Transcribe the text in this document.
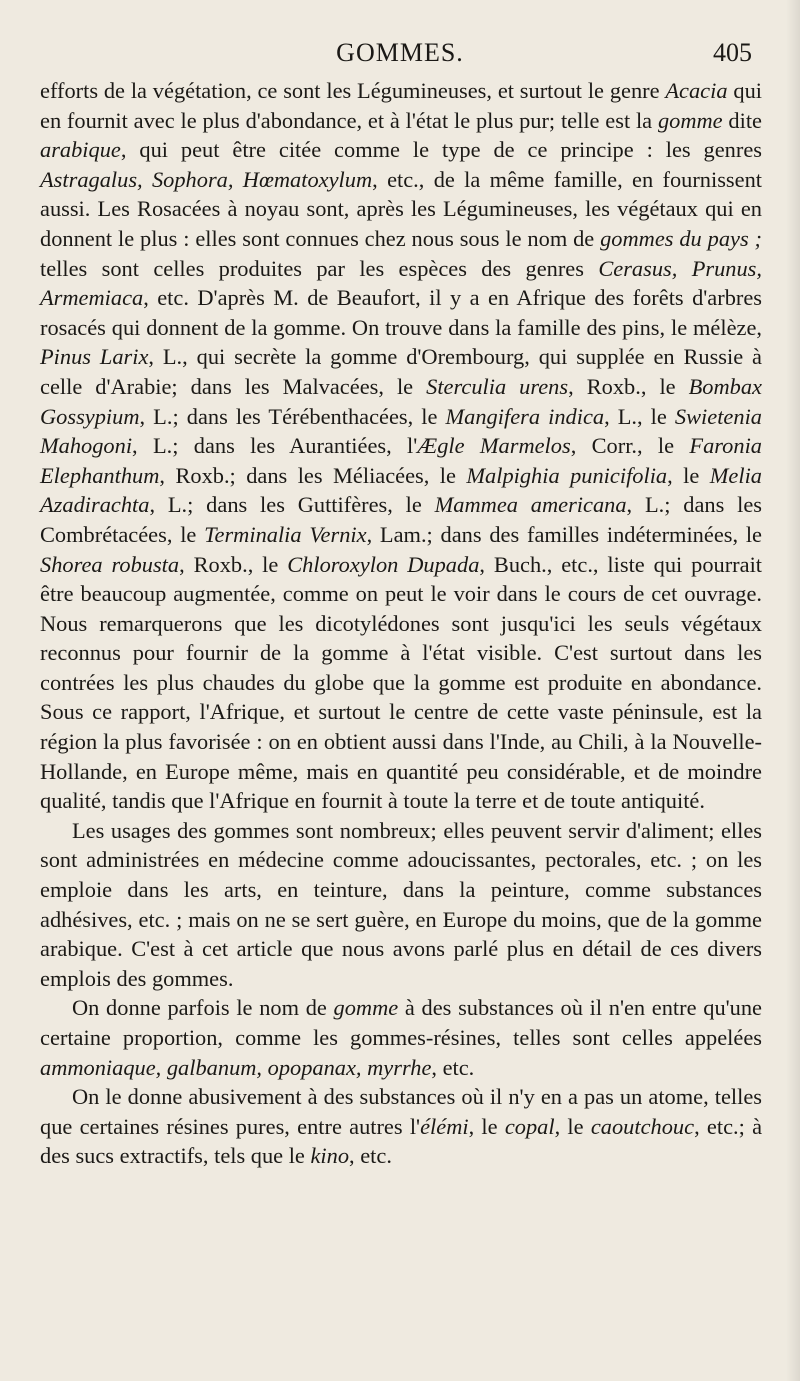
GOMMES.	405

efforts de la végétation, ce sont les Légumineuses, et surtout le genre Acacia qui en fournit avec le plus d'abondance, et à l'état le plus pur; telle est la gomme dite arabique, qui peut être citée comme le type de ce principe : les genres Astragalus, Sophora, Hœmatoxylum, etc., de la même famille, en fournissent aussi. Les Rosacées à noyau sont, après les Légumineuses, les végétaux qui en donnent le plus : elles sont connues chez nous sous le nom de gommes du pays ; telles sont celles produites par les espèces des genres Cerasus, Prunus, Armemiaca, etc. D'après M. de Beaufort, il y a en Afrique des forêts d'arbres rosacés qui donnent de la gomme. On trouve dans la famille des pins, le mélèze, Pinus Larix, L., qui secrète la gomme d'Orembourg, qui supplée en Russie à celle d'Arabie; dans les Malvacées, le Sterculia urens, Roxb., le Bombax Gossypium, L.; dans les Térébenthacées, le Mangifera indica, L., le Swietenia Mahogoni, L.; dans les Aurantiées, l'Ægle Marmelos, Corr., le Faronia Elephanthum, Roxb.; dans les Méliacées, le Malpighia punicifolia, le Melia Azadirachta, L.; dans les Guttifères, le Mammea americana, L.; dans les Combrétacées, le Terminalia Vernix, Lam.; dans des familles indéterminées, le Shorea robusta, Roxb., le Chloroxylon Dupada, Buch., etc., liste qui pourrait être beaucoup augmentée, comme on peut le voir dans le cours de cet ouvrage. Nous remarquerons que les dicotylédones sont jusqu'ici les seuls végétaux reconnus pour fournir de la gomme à l'état visible. C'est surtout dans les contrées les plus chaudes du globe que la gomme est produite en abondance. Sous ce rapport, l'Afrique, et surtout le centre de cette vaste péninsule, est la région la plus favorisée : on en obtient aussi dans l'Inde, au Chili, à la Nouvelle-Hollande, en Europe même, mais en quantité peu considérable, et de moindre qualité, tandis que l'Afrique en fournit à toute la terre et de toute antiquité.

Les usages des gommes sont nombreux; elles peuvent servir d'aliment; elles sont administrées en médecine comme adoucissantes, pectorales, etc. ; on les emploie dans les arts, en teinture, dans la peinture, comme substances adhésives, etc. ; mais on ne se sert guère, en Europe du moins, que de la gomme arabique. C'est à cet article que nous avons parlé plus en détail de ces divers emplois des gommes.

On donne parfois le nom de gomme à des substances où il n'en entre qu'une certaine proportion, comme les gommes-résines, telles sont celles appelées ammoniaque, galbanum, opopanax, myrrhe, etc.

On le donne abusivement à des substances où il n'y en a pas un atome, telles que certaines résines pures, entre autres l'élémi, le copal, le caoutchouc, etc.; à des sucs extractifs, tels que le kino, etc.
